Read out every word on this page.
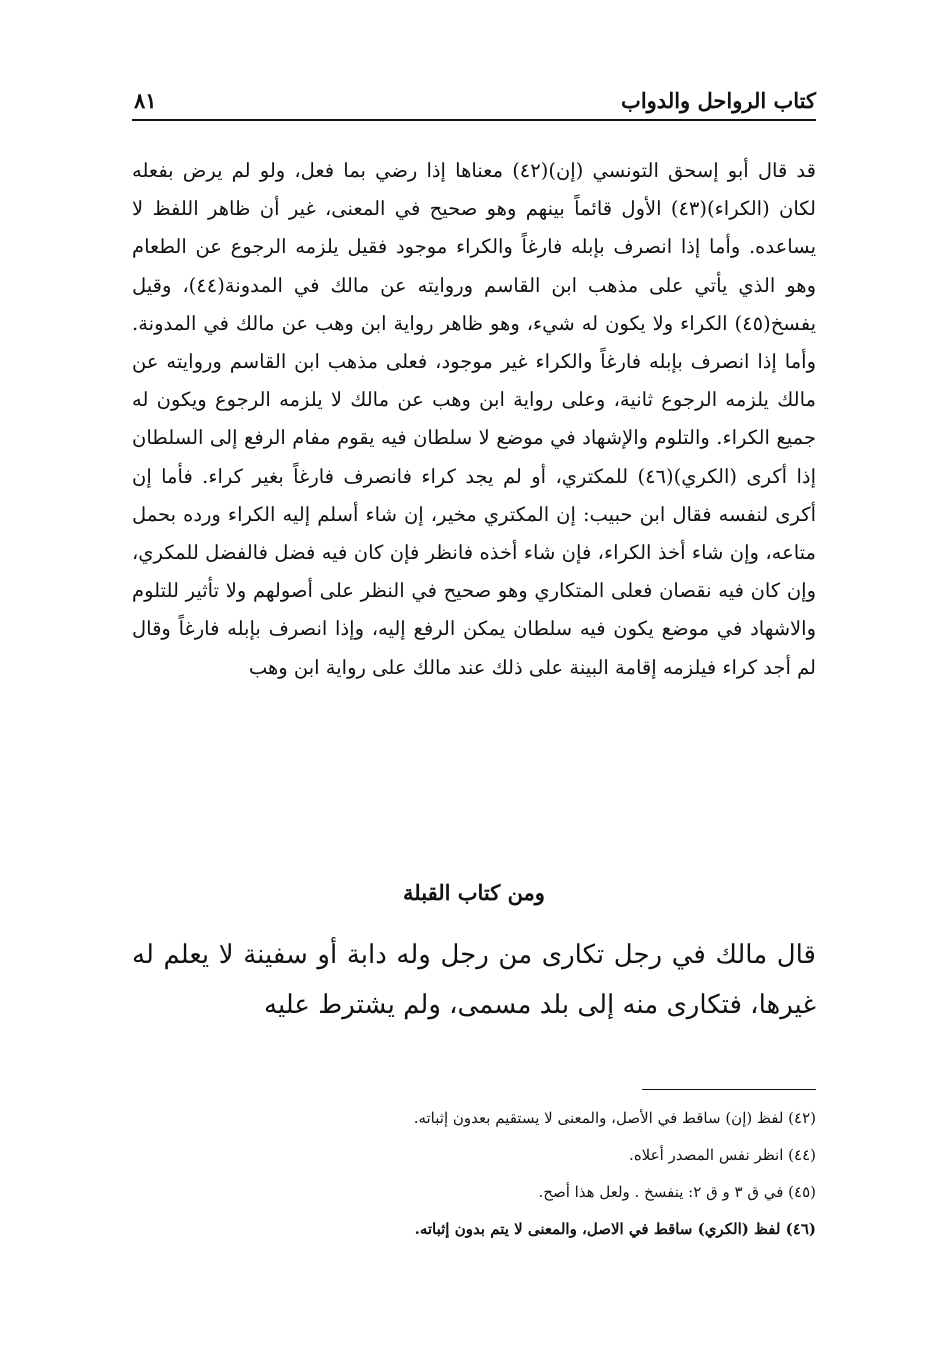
كتاب الرواحل والدواب
٨١

قد قال أبو إسحق التونسي (إن)(٤٢) معناها إذا رضي بما فعل، ولو لم يرض بفعله لكان (الكراء)(٤٣) الأول قائماً بينهم وهو صحيح في المعنى، غير أن ظاهر اللفظ لا يساعده. وأما إذا انصرف بإبله فارغاً والكراء موجود فقيل يلزمه الرجوع عن الطعام وهو الذي يأتي على مذهب ابن القاسم وروايته عن مالك في المدونة(٤٤)، وقيل يفسخ(٤٥) الكراء ولا يكون له شيء، وهو ظاهر رواية ابن وهب عن مالك في المدونة. وأما إذا انصرف بإبله فارغاً والكراء غير موجود، فعلى مذهب ابن القاسم وروايته عن مالك يلزمه الرجوع ثانية، وعلى رواية ابن وهب عن مالك لا يلزمه الرجوع ويكون له جميع الكراء. والتلوم والإشهاد في موضع لا سلطان فيه يقوم مفام الرفع إلى السلطان إذا أكرى (الكري)(٤٦) للمكتري، أو لم يجد كراء فانصرف فارغاً بغير كراء. فأما إن أكرى لنفسه فقال ابن حبيب: إن المكتري مخير، إن شاء أسلم إليه الكراء ورده بحمل متاعه، وإن شاء أخذ الكراء، فإن شاء أخذه فانظر فإن كان فيه فضل فالفضل للمكري، وإن كان فيه نقصان فعلى المتكاري وهو صحيح في النظر على أصولهم ولا تأثير للتلوم والاشهاد في موضع يكون فيه سلطان يمكن الرفع إليه، وإذا انصرف بإبله فارغاً وقال لم أجد كراء فيلزمه إقامة البينة على ذلك عند مالك على رواية ابن وهب

ومن كتاب القبلة

قال مالك في رجل تكارى من رجل وله دابة أو سفينة لا يعلم له غيرها، فتكارى منه إلى بلد مسمى، ولم يشترط عليه

(٤٢) لفظ (إن) ساقط في الأصل، والمعنى لا يستقيم بعدون إثباته.

(٤٤) انظر نفس المصدر أعلاه.

(٤٥) في ق ٣ و ق ٢: ينفسخ . ولعل هذا أصح.

(٤٦) لفظ (الكري) ساقط في الاصل، والمعنى لا يتم بدون إثباته.
